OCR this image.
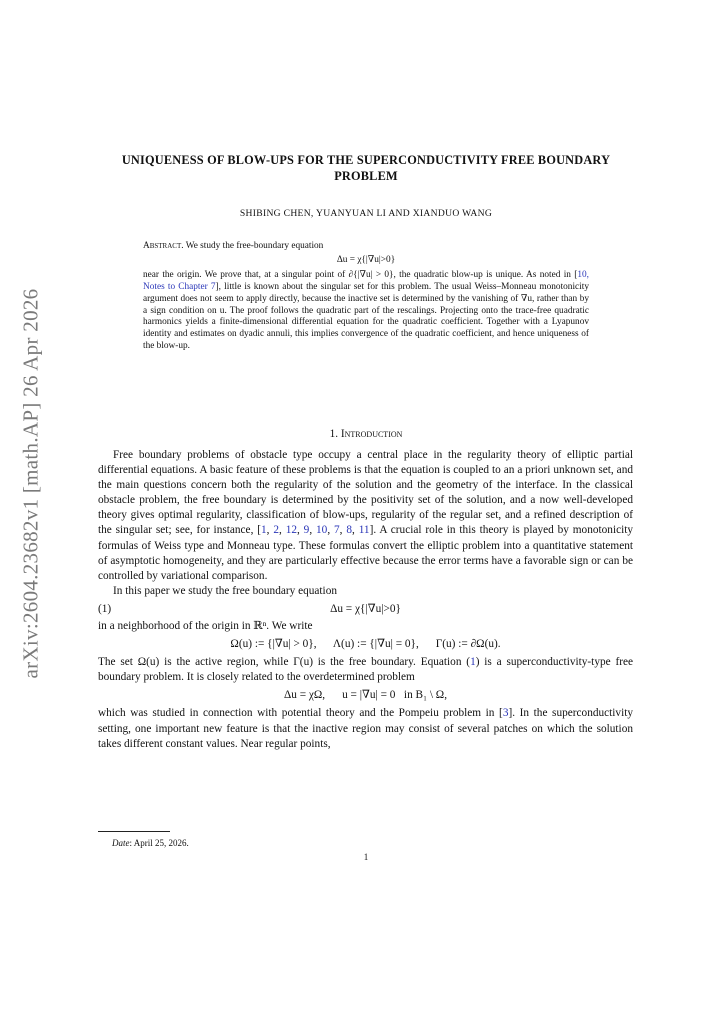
arXiv:2604.23682v1 [math.AP] 26 Apr 2026
UNIQUENESS OF BLOW-UPS FOR THE SUPERCONDUCTIVITY FREE BOUNDARY PROBLEM
SHIBING CHEN, YUANYUAN LI AND XIANDUO WANG
Abstract. We study the free-boundary equation
Δu = χ{|∇u|>0}
near the origin. We prove that, at a singular point of ∂{|∇u| > 0}, the quadratic blow-up is unique. As noted in [10, Notes to Chapter 7], little is known about the singular set for this problem. The usual Weiss–Monneau monotonicity argument does not seem to apply directly, because the inactive set is determined by the vanishing of ∇u, rather than by a sign condition on u. The proof follows the quadratic part of the rescalings. Projecting onto the trace-free quadratic harmonics yields a finite-dimensional differential equation for the quadratic coefficient. Together with a Lyapunov identity and estimates on dyadic annuli, this implies convergence of the quadratic coefficient, and hence uniqueness of the blow-up.
1. Introduction

Free boundary problems of obstacle type occupy a central place in the regularity theory of elliptic partial differential equations. A basic feature of these problems is that the equation is coupled to an a priori unknown set, and the main questions concern both the regularity of the solution and the geometry of the interface. In the classical obstacle problem, the free boundary is determined by the positivity set of the solution, and a now well-developed theory gives optimal regularity, classification of blow-ups, regularity of the regular set, and a refined description of the singular set; see, for instance, [1, 2, 12, 9, 10, 7, 8, 11]. A crucial role in this theory is played by monotonicity formulas of Weiss type and Monneau type. These formulas convert the elliptic problem into a quantitative statement of asymptotic homogeneity, and they are particularly effective because the error terms have a favorable sign or can be controlled by variational comparison.

In this paper we study the free boundary equation

(1)	Δu = χ{|∇u|>0}

in a neighborhood of the origin in ℝⁿ. We write

Ω(u) := {|∇u| > 0},      Λ(u) := {|∇u| = 0},      Γ(u) := ∂Ω(u).

The set Ω(u) is the active region, while Γ(u) is the free boundary. Equation (1) is a superconductivity-type free boundary problem. It is closely related to the overdetermined problem

Δu = χΩ,      u = |∇u| = 0   in B₁ \ Ω,

which was studied in connection with potential theory and the Pompeiu problem in [3]. In the superconductivity setting, one important new feature is that the inactive region may consist of several patches on which the solution takes different constant values. Near regular points,

Date: April 25, 2026.
1
